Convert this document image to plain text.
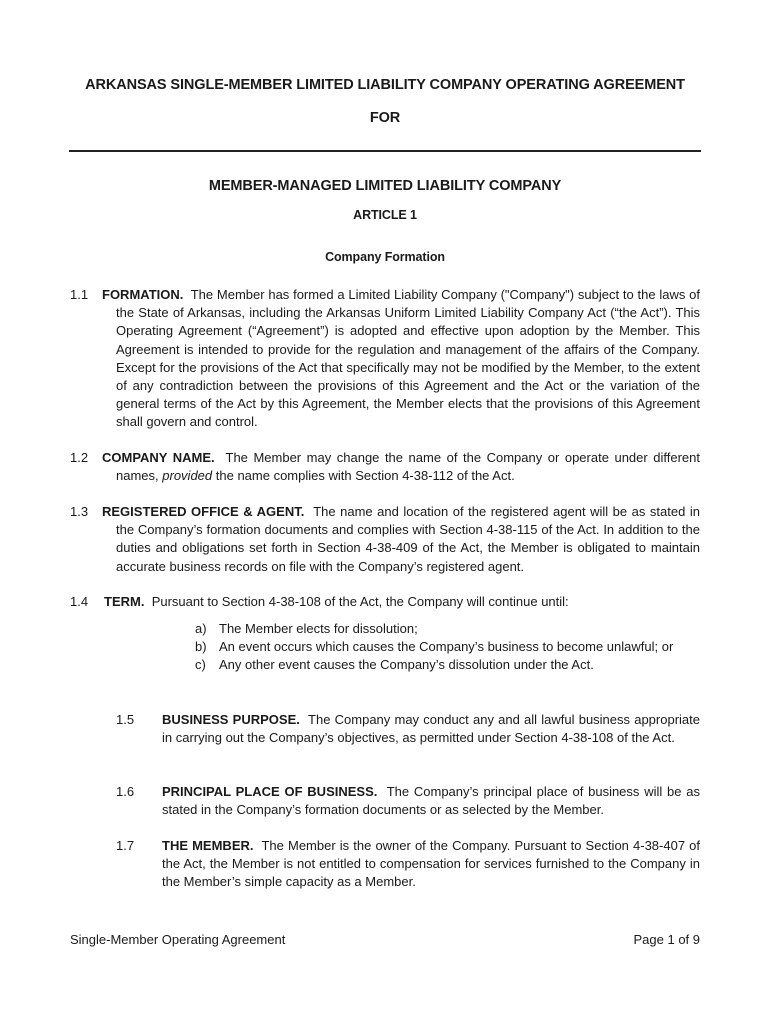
ARKANSAS SINGLE-MEMBER LIMITED LIABILITY COMPANY OPERATING AGREEMENT
FOR
MEMBER-MANAGED LIMITED LIABILITY COMPANY
ARTICLE 1
Company Formation
1.1	FORMATION. The Member has formed a Limited Liability Company ("Company") subject to the laws of the State of Arkansas, including the Arkansas Uniform Limited Liability Company Act (“the Act”). This Operating Agreement (“Agreement”) is adopted and effective upon adoption by the Member. This Agreement is intended to provide for the regulation and management of the affairs of the Company. Except for the provisions of the Act that specifically may not be modified by the Member, to the extent of any contradiction between the provisions of this Agreement and the Act or the variation of the general terms of the Act by this Agreement, the Member elects that the provisions of this Agreement shall govern and control.
1.2	COMPANY NAME. The Member may change the name of the Company or operate under different names, provided the name complies with Section 4-38-112 of the Act.
1.3	REGISTERED OFFICE & AGENT. The name and location of the registered agent will be as stated in the Company’s formation documents and complies with Section 4-38-115 of the Act. In addition to the duties and obligations set forth in Section 4-38-409 of the Act, the Member is obligated to maintain accurate business records on file with the Company’s registered agent.
1.4	TERM. Pursuant to Section 4-38-108 of the Act, the Company will continue until:
a) The Member elects for dissolution;
b) An event occurs which causes the Company’s business to become unlawful; or
c) Any other event causes the Company’s dissolution under the Act.
1.5	BUSINESS PURPOSE. The Company may conduct any and all lawful business appropriate in carrying out the Company’s objectives, as permitted under Section 4-38-108 of the Act.
1.6	PRINCIPAL PLACE OF BUSINESS. The Company’s principal place of business will be as stated in the Company’s formation documents or as selected by the Member.
1.7	THE MEMBER. The Member is the owner of the Company. Pursuant to Section 4-38-407 of the Act, the Member is not entitled to compensation for services furnished to the Company in the Member’s simple capacity as a Member.
Single-Member Operating Agreement	Page 1 of 9
